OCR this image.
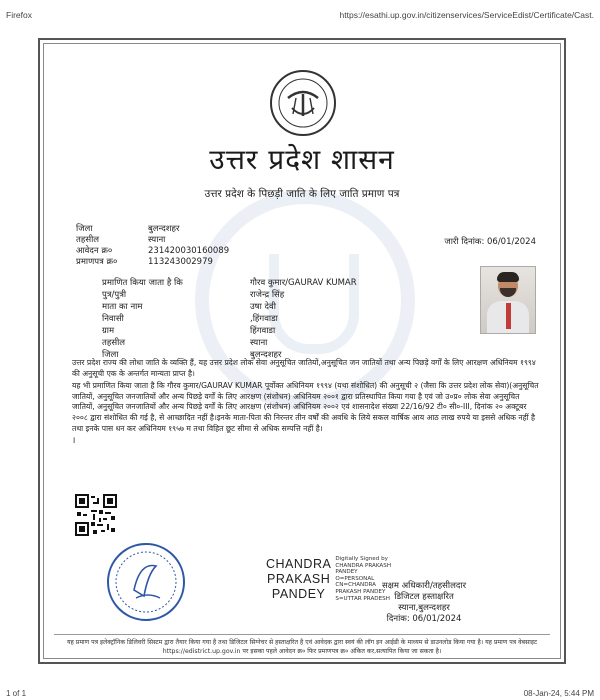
Firefox	https://esathi.up.gov.in/citizenservices/ServiceEdist/Certificate/Cast.
उत्तर प्रदेश शासन
उत्तर प्रदेश के पिछड़ी जाति के लिए जाति प्रमाण पत्र
जिला	बुलन्दशहर
तहसील	स्याना
आवेदन क्र०	231420030160089
प्रमाणपत्र क्र०	113243002979
जारी दिनांक: 06/01/2024
प्रमाणित किया जाता है कि	गौरव कुमार/GAURAV KUMAR
पुत्र/पुत्री	राजेन्द्र सिंह
माता का नाम	उषा देवी
निवासी	,हिंगवाडा
ग्राम	हिंगवाडा
तहसील	स्याना
जिला	बुलन्दशहर

उत्तर प्रदेश राज्य की लोधा जाति के व्यक्ति हैं, यह उत्तर प्रदेश लोक सेवा अनुसूचित जातियों,अनुसूचित जन जातियों तथा अन्य पिछड़े वर्गों के लिए आरक्षण अधिनियम १९९४ की अनुसूची एक के अन्तर्गत मान्यता प्राप्त है।

यह भी प्रमाणित किया जाता है कि गौरव कुमार/GAURAV KUMAR पूर्वोक्त अधिनियम १९९४ (यथा संशोधित) की अनुसूची २ (जैसा कि उत्तर प्रदेश लोक सेवा)(अनुसूचित जातियों, अनुसूचित जनजातियों और अन्य पिछड़े वर्गों के लिए आरक्षण (संशोधन) अधिनियम २००१ द्वारा प्रतिस्थापित किया गया है एवं जो उ०प्र० लोक सेवा अनुसूचित जातियों, अनुसूचित जनजातियों और अन्य पिछड़े वर्गों के लिए आरक्षण (संशोधन) अधिनियम २००२ एवं शासनादेश संख्या 22/16/92 टी० सी०-III, दिनांक २० अक्टूबर २००८ द्वारा संशोधित की गई है, से आच्छादित नहीं है।इनके माता-पिता की निरन्तर तीन वर्षों की अवधि के लिये सकल वार्षिक आय आठ लाख रुपये या इससे अधिक नहीं है तथा इनके पास धन कर अधिनियम १९५७ म तथा विहित छूट सीमा से अधिक सम्पत्ति नहीं है।

।
CHANDRA
PRAKASH
PANDEY
Digitally Signed by
CHANDRA PRAKASH
PANDEY
O=PERSONAL
CN=CHANDRA
PRAKASH PANDEY
S=UTTAR PRADESH
सक्षम अधिकारी/तहसीलदार
डिजिटल हस्ताक्षरित
स्याना,बुलन्दशहर
दिनांक: 06/01/2024
यह प्रमाण पत्र इलेक्ट्रॉनिक डिलिवरी सिस्टम द्वारा तैयार किया गया है तथा डिजिटल सिग्नेचर से हस्ताक्षरित है एवं आवेदक द्वारा स्वयं की लॉग इन आईडी के माध्यम से डाउनलोड किया गया है। यह प्रमाण पत्र वेबसाइट https://edistrict.up.gov.in पर इसका पहले आवेदन क्र० फिर प्रमाणपत्र क्र० अंकित कर,सत्यापित किया जा सकता है।
1 of 1	08-Jan-24, 5:44 PM
